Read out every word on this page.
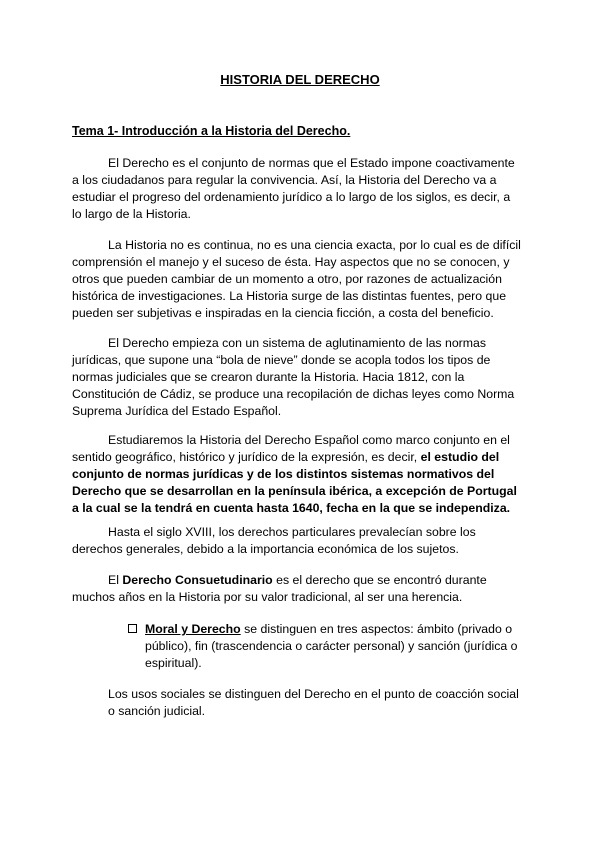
HISTORIA DEL DERECHO
Tema 1- Introducción a la Historia del Derecho.

El Derecho es el conjunto de normas que el Estado impone coactivamente a los ciudadanos para regular la convivencia. Así, la Historia del Derecho va a estudiar el progreso del ordenamiento jurídico a lo largo de los siglos, es decir, a lo largo de la Historia.

La Historia no es continua, no es una ciencia exacta, por lo cual es de difícil comprensión el manejo y el suceso de ésta. Hay aspectos que no se conocen, y otros que pueden cambiar de un momento a otro, por razones de actualización histórica de investigaciones. La Historia surge de las distintas fuentes, pero que pueden ser subjetivas e inspiradas en la ciencia ficción, a costa del beneficio.

El Derecho empieza con un sistema de aglutinamiento de las normas jurídicas, que supone una “bola de nieve” donde se acopla todos los tipos de normas judiciales que se crearon durante la Historia. Hacia 1812, con la Constitución de Cádiz, se produce una recopilación de dichas leyes como Norma Suprema Jurídica del Estado Español.

Estudiaremos la Historia del Derecho Español como marco conjunto en el sentido geográfico, histórico y jurídico de la expresión, es decir, el estudio del conjunto de normas jurídicas y de los distintos sistemas normativos del Derecho que se desarrollan en la península ibérica, a excepción de Portugal a la cual se la tendrá en cuenta hasta 1640, fecha en la que se independiza.

Hasta el siglo XVIII, los derechos particulares prevalecían sobre los derechos generales, debido a la importancia económica de los sujetos.

El Derecho Consuetudinario es el derecho que se encontró durante muchos años en la Historia por su valor tradicional, al ser una herencia.

Moral y Derecho se distinguen en tres aspectos: ámbito (privado o público), fin (trascendencia o carácter personal) y sanción (jurídica o espiritual).

Los usos sociales se distinguen del Derecho en el punto de coacción social o sanción judicial.
